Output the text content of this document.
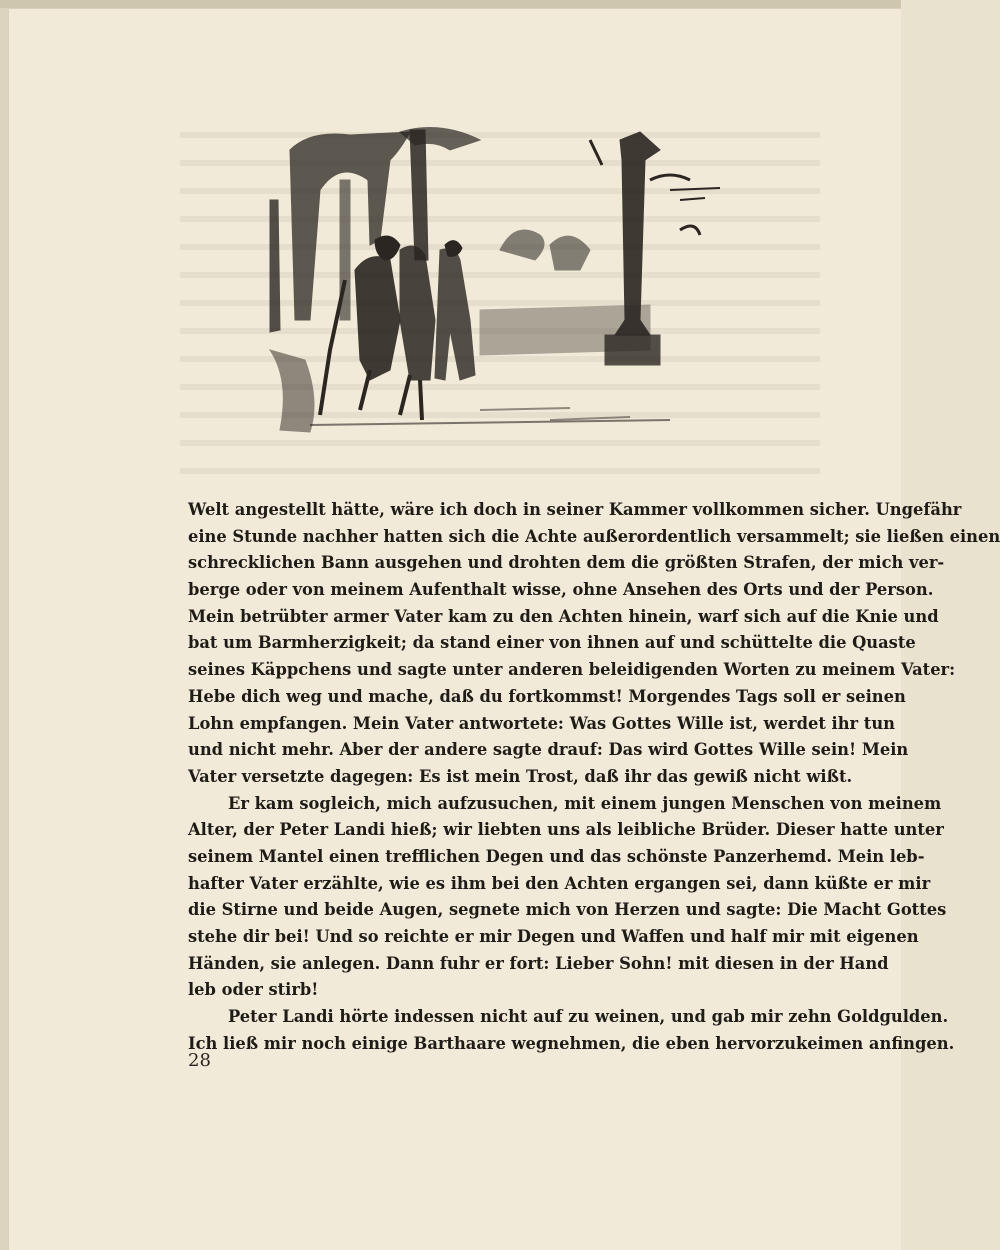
Welt angestellt hätte, wäre ich doch in seiner Kammer vollkommen sicher. Ungefähr
eine Stunde nachher hatten sich die Achte außerordentlich versammelt; sie ließen einen
schrecklichen Bann ausgehen und drohten dem die größten Strafen, der mich ver-
berge oder von meinem Aufenthalt wisse, ohne Ansehen des Orts und der Person.
Mein betrübter armer Vater kam zu den Achten hinein, warf sich auf die Knie und
bat um Barmherzigkeit; da stand einer von ihnen auf und schüttelte die Quaste
seines Käppchens und sagte unter anderen beleidigenden Worten zu meinem Vater:
Hebe dich weg und mache, daß du fortkommst! Morgendes Tags soll er seinen
Lohn empfangen. Mein Vater antwortete: Was Gottes Wille ist, werdet ihr tun
und nicht mehr. Aber der andere sagte drauf: Das wird Gottes Wille sein! Mein
Vater versetzte dagegen: Es ist mein Trost, daß ihr das gewiß nicht wißt.
Er kam sogleich, mich aufzusuchen, mit einem jungen Menschen von meinem
Alter, der Peter Landi hieß; wir liebten uns als leibliche Brüder. Dieser hatte unter
seinem Mantel einen trefflichen Degen und das schönste Panzerhemd. Mein leb-
hafter Vater erzählte, wie es ihm bei den Achten ergangen sei, dann küßte er mir
die Stirne und beide Augen, segnete mich von Herzen und sagte: Die Macht Gottes
stehe dir bei! Und so reichte er mir Degen und Waffen und half mir mit eigenen
Händen, sie anlegen. Dann fuhr er fort: Lieber Sohn! mit diesen in der Hand
leb oder stirb!
Peter Landi hörte indessen nicht auf zu weinen, und gab mir zehn Goldgulden.
Ich ließ mir noch einige Barthaare wegnehmen, die eben hervorzukeimen anfingen.
28
